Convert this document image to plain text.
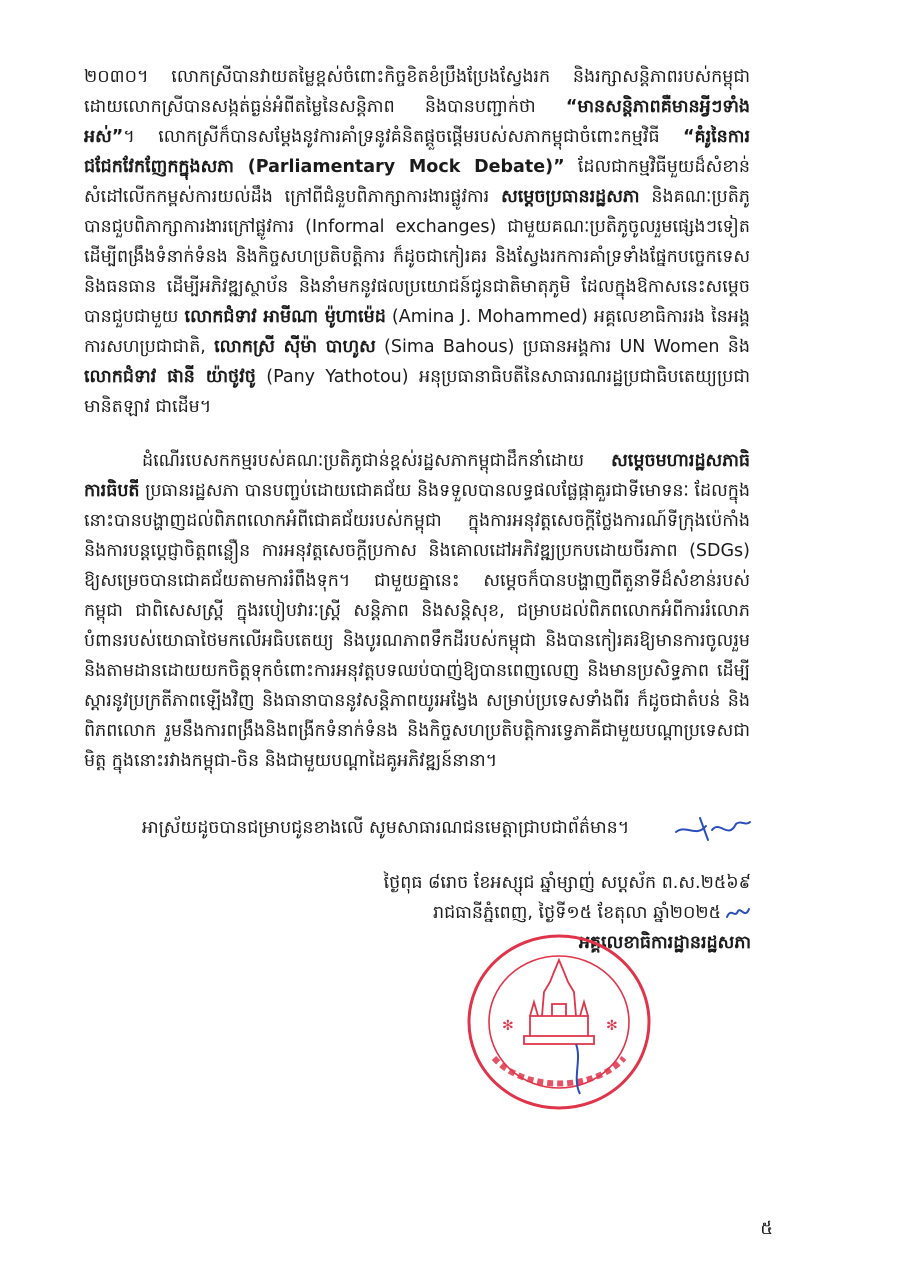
២០៣០។ លោកស្រីបានវាយតម្លៃខ្ពស់ចំពោះកិច្ចខិតខំប្រឹងប្រែងស្វែងរក និងរក្សាសន្តិភាពរបស់កម្ពុជា ដោយលោកស្រីបានសង្កត់ធ្ងន់អំពីតម្លៃនៃសន្តិភាព និងបានបញ្ជាក់ថា “មានសន្តិភាពគឺមានអ្វីៗទាំងអស់”។ លោកស្រីក៏បានសម្តែងនូវការគាំទ្រនូវគំនិតផ្តួចផ្តើមរបស់សភាកម្ពុជាចំពោះកម្មវិធី “គំរូនៃការជជែកវែកញែកក្នុងសភា (Parliamentary Mock Debate)” ដែលជាកម្មវិធីមួយដ៏សំខាន់ សំដៅលើកកម្ពស់ការយល់ដឹង ក្រៅពីជំនួបពិភាក្សាការងារផ្លូវការ សម្តេចប្រធានរដ្ឋសភា និងគណៈប្រតិភូបានជួបពិភាក្សាការងារក្រៅផ្លូវការ (Informal exchanges) ជាមួយគណៈប្រតិភូចូលរួមផ្សេងៗទៀត ដើម្បីពង្រឹងទំនាក់ទំនង និងកិច្ចសហប្រតិបត្តិការ ក៏ដូចជាកៀរគរ និងស្វែងរកការគាំទ្រទាំងផ្នែកបច្ចេកទេស និងធនធាន ដើម្បីអភិវឌ្ឍស្ថាប័ន និងនាំមកនូវផលប្រយោជន៍ជូនជាតិមាតុភូមិ ដែលក្នុងឱកាសនេះសម្តេចបានជួបជាមួយ លោកជំទាវ អាមីណា ម៉ូហាម៉េដ (Amina J. Mohammed) អគ្គលេខាធិការរង នៃអង្គការសហប្រជាជាតិ, លោកស្រី ស៊ីម៉ា បាហូស (Sima Bahous) ប្រធានអង្គការ UN Women និង លោកជំទាវ ផានី យ៉ាថូវថូ (Pany Yathotou) អនុប្រធានាធិបតីនៃសាធារណរដ្ឋប្រជាធិបតេយ្យប្រជាមានិតឡាវ ជាដើម។

ដំណើរបេសកកម្មរបស់គណៈប្រតិភូជាន់ខ្ពស់រដ្ឋសភាកម្ពុជាដឹកនាំដោយ សម្តេចមហារដ្ឋសភាធិការធិបតី ប្រធានរដ្ឋសភា បានបញ្ចប់ដោយជោគជ័យ និងទទួលបានលទ្ធផលផ្លែផ្កាគួរជាទីមោទនៈ ដែលក្នុងនោះបានបង្ហាញដល់ពិភពលោកអំពីជោគជ័យរបស់កម្ពុជា ក្នុងការអនុវត្តសេចក្តីថ្លែងការណ៍ទីក្រុងប៉េកាំង និងការបន្តប្តេជ្ញាចិត្តពន្លឿន ការអនុវត្តសេចក្តីប្រកាស និងគោលដៅអភិវឌ្ឍប្រកបដោយចីរភាព (SDGs) ឱ្យសម្រេចបានជោគជ័យតាមការរំពឹងទុក។ ជាមួយគ្នានេះ សម្តេចក៏បានបង្ហាញពីតួនាទីដ៏សំខាន់របស់កម្ពុជា ជាពិសេសស្ត្រី ក្នុងរបៀបវារៈស្ត្រី សន្តិភាព និងសន្តិសុខ, ជម្រាបដល់ពិភពលោកអំពីការរំលោភបំពានរបស់យោធាថៃមកលើអធិបតេយ្យ និងបូរណភាពទឹកដីរបស់កម្ពុជា និងបានកៀរគរឱ្យមានការចូលរួម និងតាមដានដោយយកចិត្តទុកចំពោះការអនុវត្តបទឈប់បាញ់ឱ្យបានពេញលេញ និងមានប្រសិទ្ធភាព ដើម្បីស្តារនូវប្រក្រតីភាពឡើងវិញ និងធានាបាននូវសន្តិភាពយូរអង្វែង សម្រាប់ប្រទេសទាំងពីរ ក៏ដូចជាតំបន់ និងពិភពលោក រួមនឹងការពង្រឹងនិងពង្រីកទំនាក់ទំនង និងកិច្ចសហប្រតិបត្តិការទ្វេភាគីជាមួយបណ្តាប្រទេសជាមិត្ត ក្នុងនោះរវាងកម្ពុជា-ចិន និងជាមួយបណ្តាដៃគូអភិវឌ្ឍន៍នានា។

អាស្រ័យដូចបានជម្រាបជូនខាងលើ សូមសាធារណជនមេត្តាជ្រាបជាព័ត៌មាន។

ថ្ងៃពុធ ៨រោច ខែអស្សុជ ឆ្នាំម្សាញ់ សប្តស័ក ព.ស.២៥៦៩
រាជធានីភ្នំពេញ, ថ្ងៃទី១៥ ខែតុលា ឆ្នាំ២០២៥
អគ្គលេខាធិការដ្ឋានរដ្ឋសភា
✻	✻
៥
